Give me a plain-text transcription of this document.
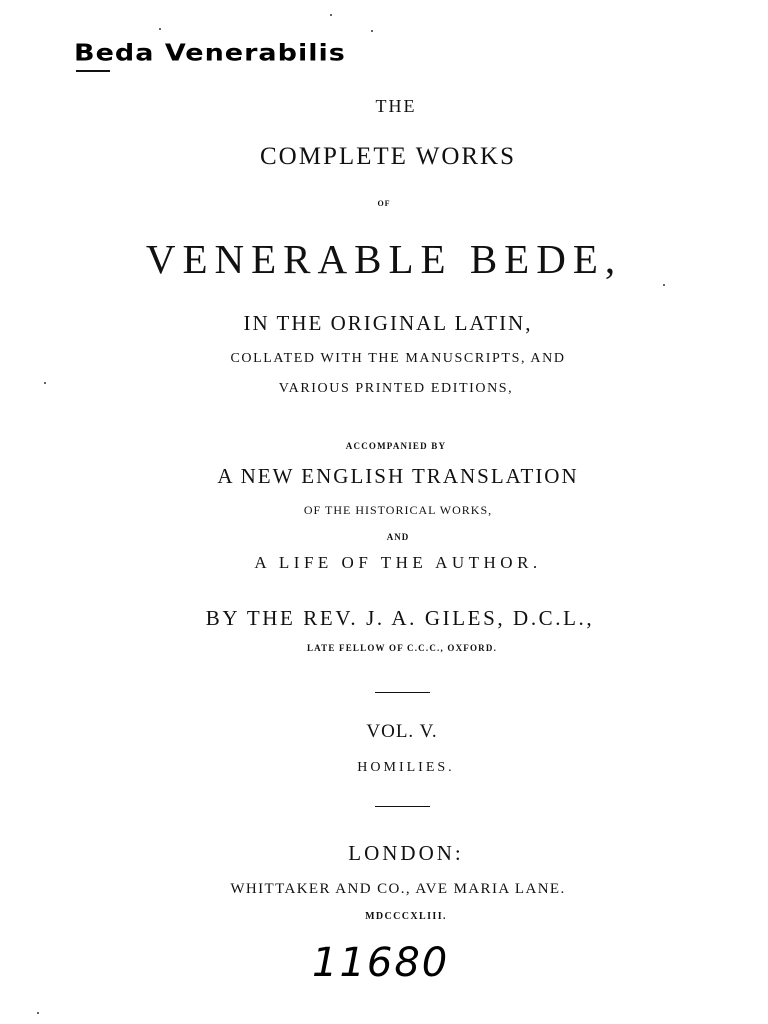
Beda Venerabilis
THE
COMPLETE WORKS
OF
VENERABLE BEDE,
IN THE ORIGINAL LATIN,
COLLATED WITH THE MANUSCRIPTS, AND
VARIOUS PRINTED EDITIONS,
ACCOMPANIED BY
A NEW ENGLISH TRANSLATION
OF THE HISTORICAL WORKS,
AND
A LIFE OF THE AUTHOR.
BY THE REV. J. A. GILES, D.C.L.,
LATE FELLOW OF C.C.C., OXFORD.
VOL. V.
HOMILIES.
LONDON:
WHITTAKER AND CO., AVE MARIA LANE.
MDCCCXLIII.
11680
